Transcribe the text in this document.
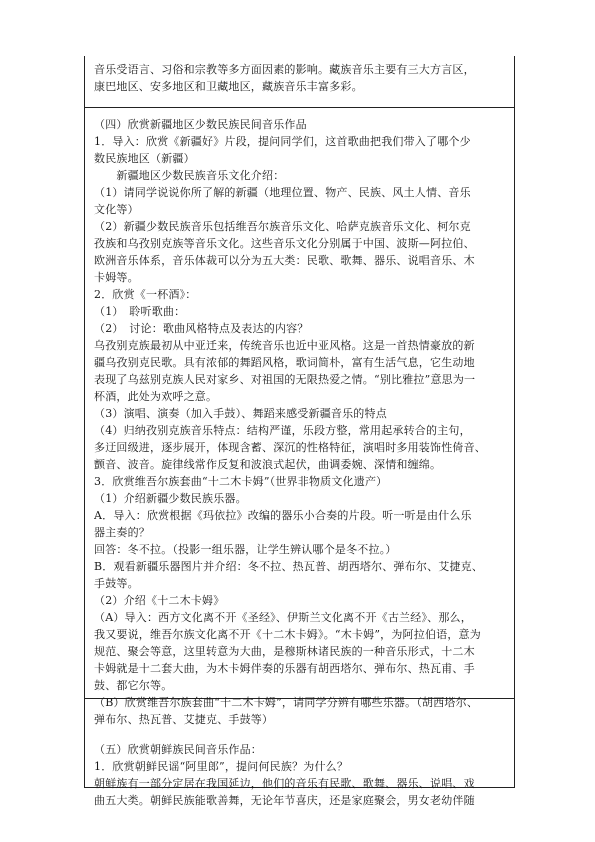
音乐受语言、习俗和宗教等多方面因素的影响。藏族音乐主要有三大方言区，
康巴地区、安多地区和卫藏地区，藏族音乐丰富多彩。
（四）欣赏新疆地区少数民族民间音乐作品
1．导入：欣赏《新疆好》片段，提问同学们，这首歌曲把我们带入了哪个少
数民族地区（新疆）
　　新疆地区少数民族音乐文化介绍：
（1）请同学说说你所了解的新疆（地理位置、物产、民族、风土人情、音乐
文化等）
（2）新疆少数民族音乐包括维吾尔族音乐文化、哈萨克族音乐文化、柯尔克
孜族和乌孜别克族等音乐文化。这些音乐文化分别属于中国、波斯—阿拉伯、
欧洲音乐体系，音乐体裁可以分为五大类：民歌、歌舞、器乐、说唱音乐、木
卡姆等。
2．欣赏《一杯酒》：
（1）　聆听歌曲：
（2）　讨论：歌曲风格特点及表达的内容？
乌孜别克族最初从中亚迁来，传统音乐也近中亚风格。这是一首热情豪放的新
疆乌孜别克民歌。具有浓郁的舞蹈风格，歌词简朴，富有生活气息，它生动地
表现了乌兹别克族人民对家乡、对祖国的无限热爱之情。“别比雅拉”意思为一
杯酒，此处为欢呼之意。
（3）演唱、演奏（加入手鼓）、舞蹈来感受新疆音乐的特点
（4）归纳孜别克族音乐特点：结构严谨，乐段方整，常用起承转合的主句，
多迂回级进，逐步展开，体现含蓄、深沉的性格特征，演唱时多用装饰性倚音、
颤音、波音。旋律线常作反复和波浪式起伏，曲调委婉、深情和缠绵。
3．欣赏维吾尔族套曲“十二木卡姆”（世界非物质文化遗产）
（1）介绍新疆少数民族乐器。
A．导入：欣赏根据《玛依拉》改编的器乐小合奏的片段。听一听是由什么乐
器主奏的？
回答：冬不拉。（投影一组乐器，让学生辨认哪个是冬不拉。）
B．观看新疆乐器图片并介绍：冬不拉、热瓦普、胡西塔尔、弹布尔、艾捷克、
手鼓等。
（2）介绍《十二木卡姆》
（A）导入：西方文化离不开《圣经》、伊斯兰文化离不开《古兰经》、那么，
我又要说，维吾尔族文化离不开《十二木卡姆》。“木卡姆”，为阿拉伯语，意为
规范、聚会等意，这里转意为大曲，是穆斯林诸民族的一种音乐形式，十二木
卡姆就是十二套大曲，为木卡姆伴奏的乐器有胡西塔尔、弹布尔、热瓦甫、手
鼓、都它尔等。
（B）欣赏维吾尔族套曲“十二木卡姆”，请同学分辨有哪些乐器。（胡西塔尔、
弹布尔、热瓦普、艾捷克、手鼓等）
（五）欣赏朝鲜族民间音乐作品：
1．欣赏朝鲜民谣“阿里郎”，提问何民族？为什么？
朝鲜族有一部分定居在我国延边，他们的音乐有民歌、歌舞、器乐、说唱、戏
曲五大类。朝鲜民族能歌善舞，无论年节喜庆，还是家庭聚会，男女老幼伴随
